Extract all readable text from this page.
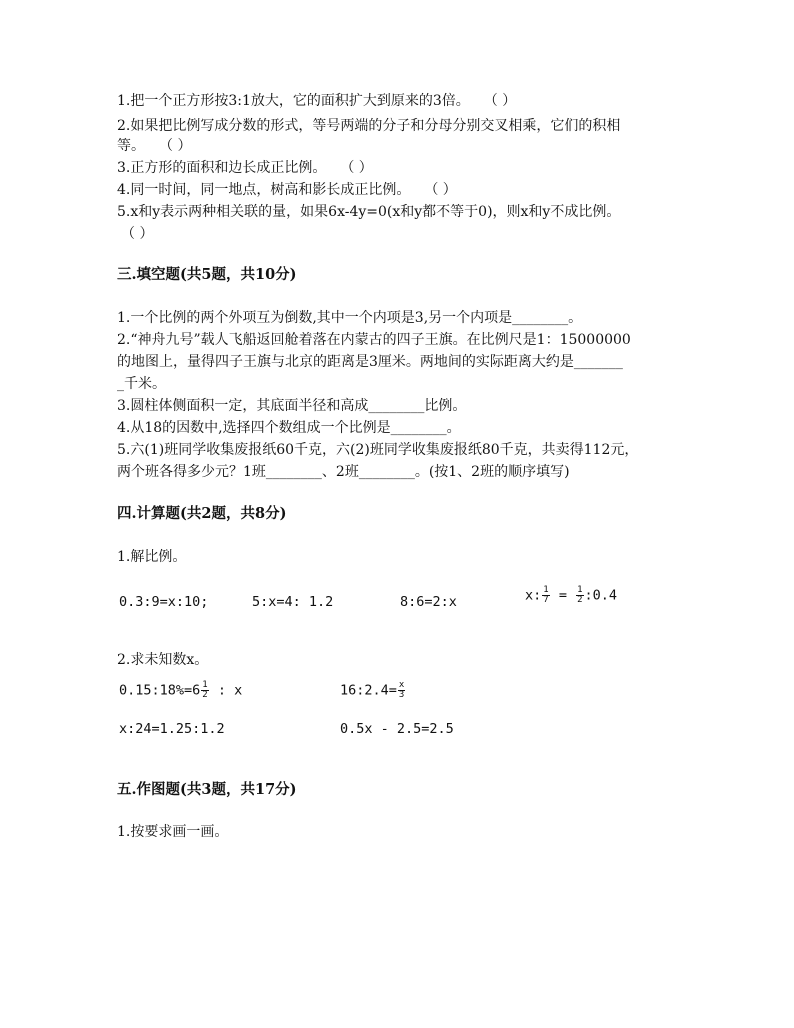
1.把一个正方形按3:1放大，它的面积扩大到原来的3倍。　　（ ）
2.如果把比例写成分数的形式，等号两端的分子和分母分别交叉相乘，它们的积相
等。　　（ ）
3.正方形的面积和边长成正比例。　　（ ）
4.同一时间，同一地点，树高和影长成正比例。　　（ ）
5.x和y表示两种相关联的量，如果6x-4y=0(x和y都不等于0)，则x和y不成比例。
（ ）
三.填空题(共5题，共10分)
1.一个比例的两个外项互为倒数,其中一个内项是3,另一个内项是________。
2.“神舟九号”载人飞船返回舱着落在内蒙古的四子王旗。在比例尺是1：15000000
的地图上，量得四子王旗与北京的距离是3厘米。两地间的实际距离大约是_______
_千米。
3.圆柱体侧面积一定，其底面半径和高成________比例。
4.从18的因数中,选择四个数组成一个比例是________。
5.六(1)班同学收集废报纸60千克，六(2)班同学收集废报纸80千克，共卖得112元，
两个班各得多少元？1班________、2班________。(按1、2班的顺序填写)
四.计算题(共2题，共8分)
1.解比例。
0.3:9=x:10;	5:x=4: 1.2	8:6=2:x	x: $\frac{1}{7} = \frac{1}{2}$ :0.4
2.求未知数x。
0.15:18%=6 $\frac{1}{2}$ : x	16:2.4= $\frac{x}{3}$
x:24=1.25:1.2	0.5x - 2.5=2.5
五.作图题(共3题，共17分)
1.按要求画一画。
